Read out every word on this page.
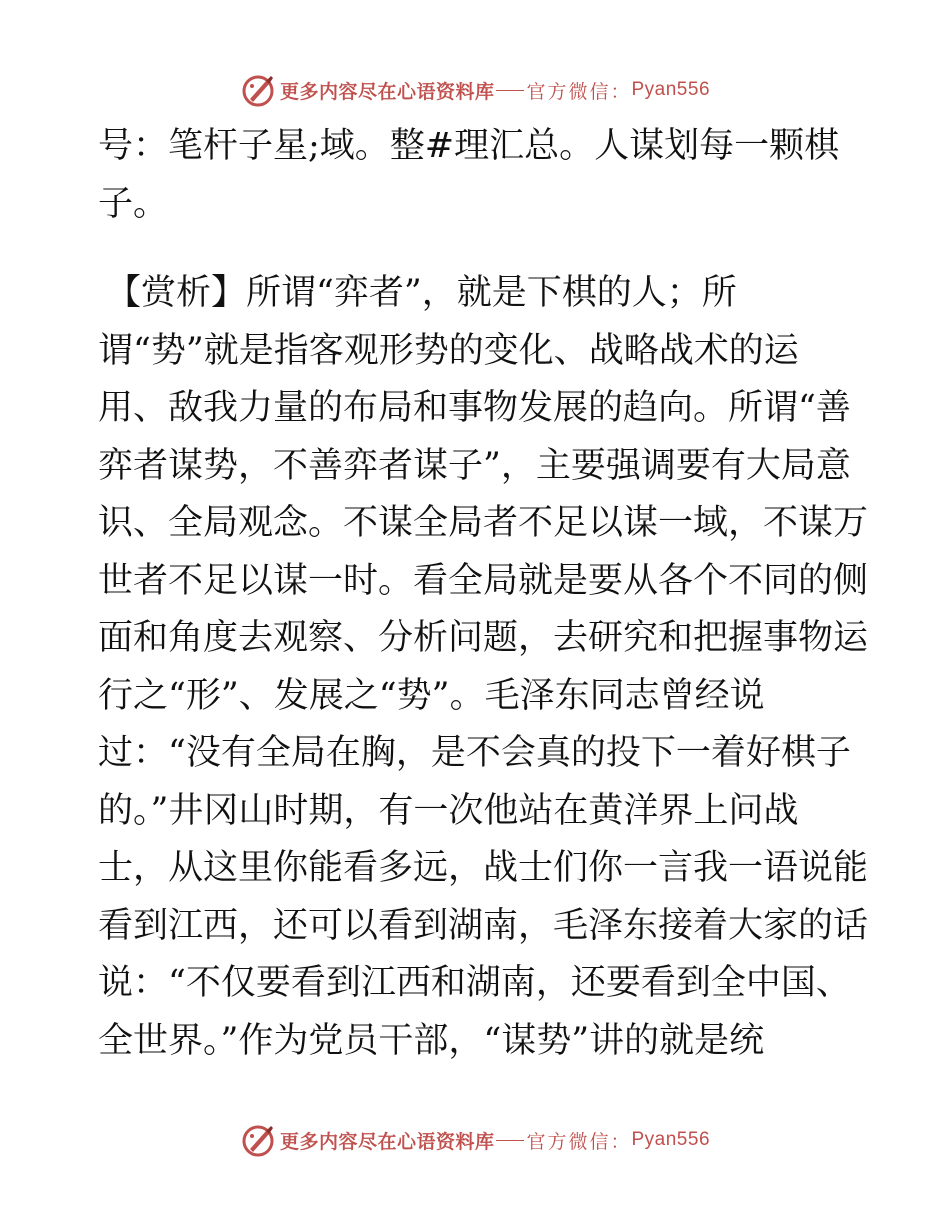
更多内容尽在心语资料库 官方微信： Pyan556
号：笔杆子星;域。整#理汇总。人谋划每一颗棋
子。
【赏析】所谓“弈者”，就是下棋的人；所
谓“势”就是指客观形势的变化、战略战术的运
用、敌我力量的布局和事物发展的趋向。所谓“善
弈者谋势，不善弈者谋子”，主要强调要有大局意
识、全局观念。不谋全局者不足以谋一域，不谋万
世者不足以谋一时。看全局就是要从各个不同的侧
面和角度去观察、分析问题，去研究和把握事物运
行之“形”、发展之“势”。毛泽东同志曾经说
过：“没有全局在胸，是不会真的投下一着好棋子
的。”井冈山时期，有一次他站在黄洋界上问战
士，从这里你能看多远，战士们你一言我一语说能
看到江西，还可以看到湖南，毛泽东接着大家的话
说：“不仅要看到江西和湖南，还要看到全中国、
全世界。”作为党员干部，“谋势”讲的就是统
更多内容尽在心语资料库 官方微信： Pyan556
